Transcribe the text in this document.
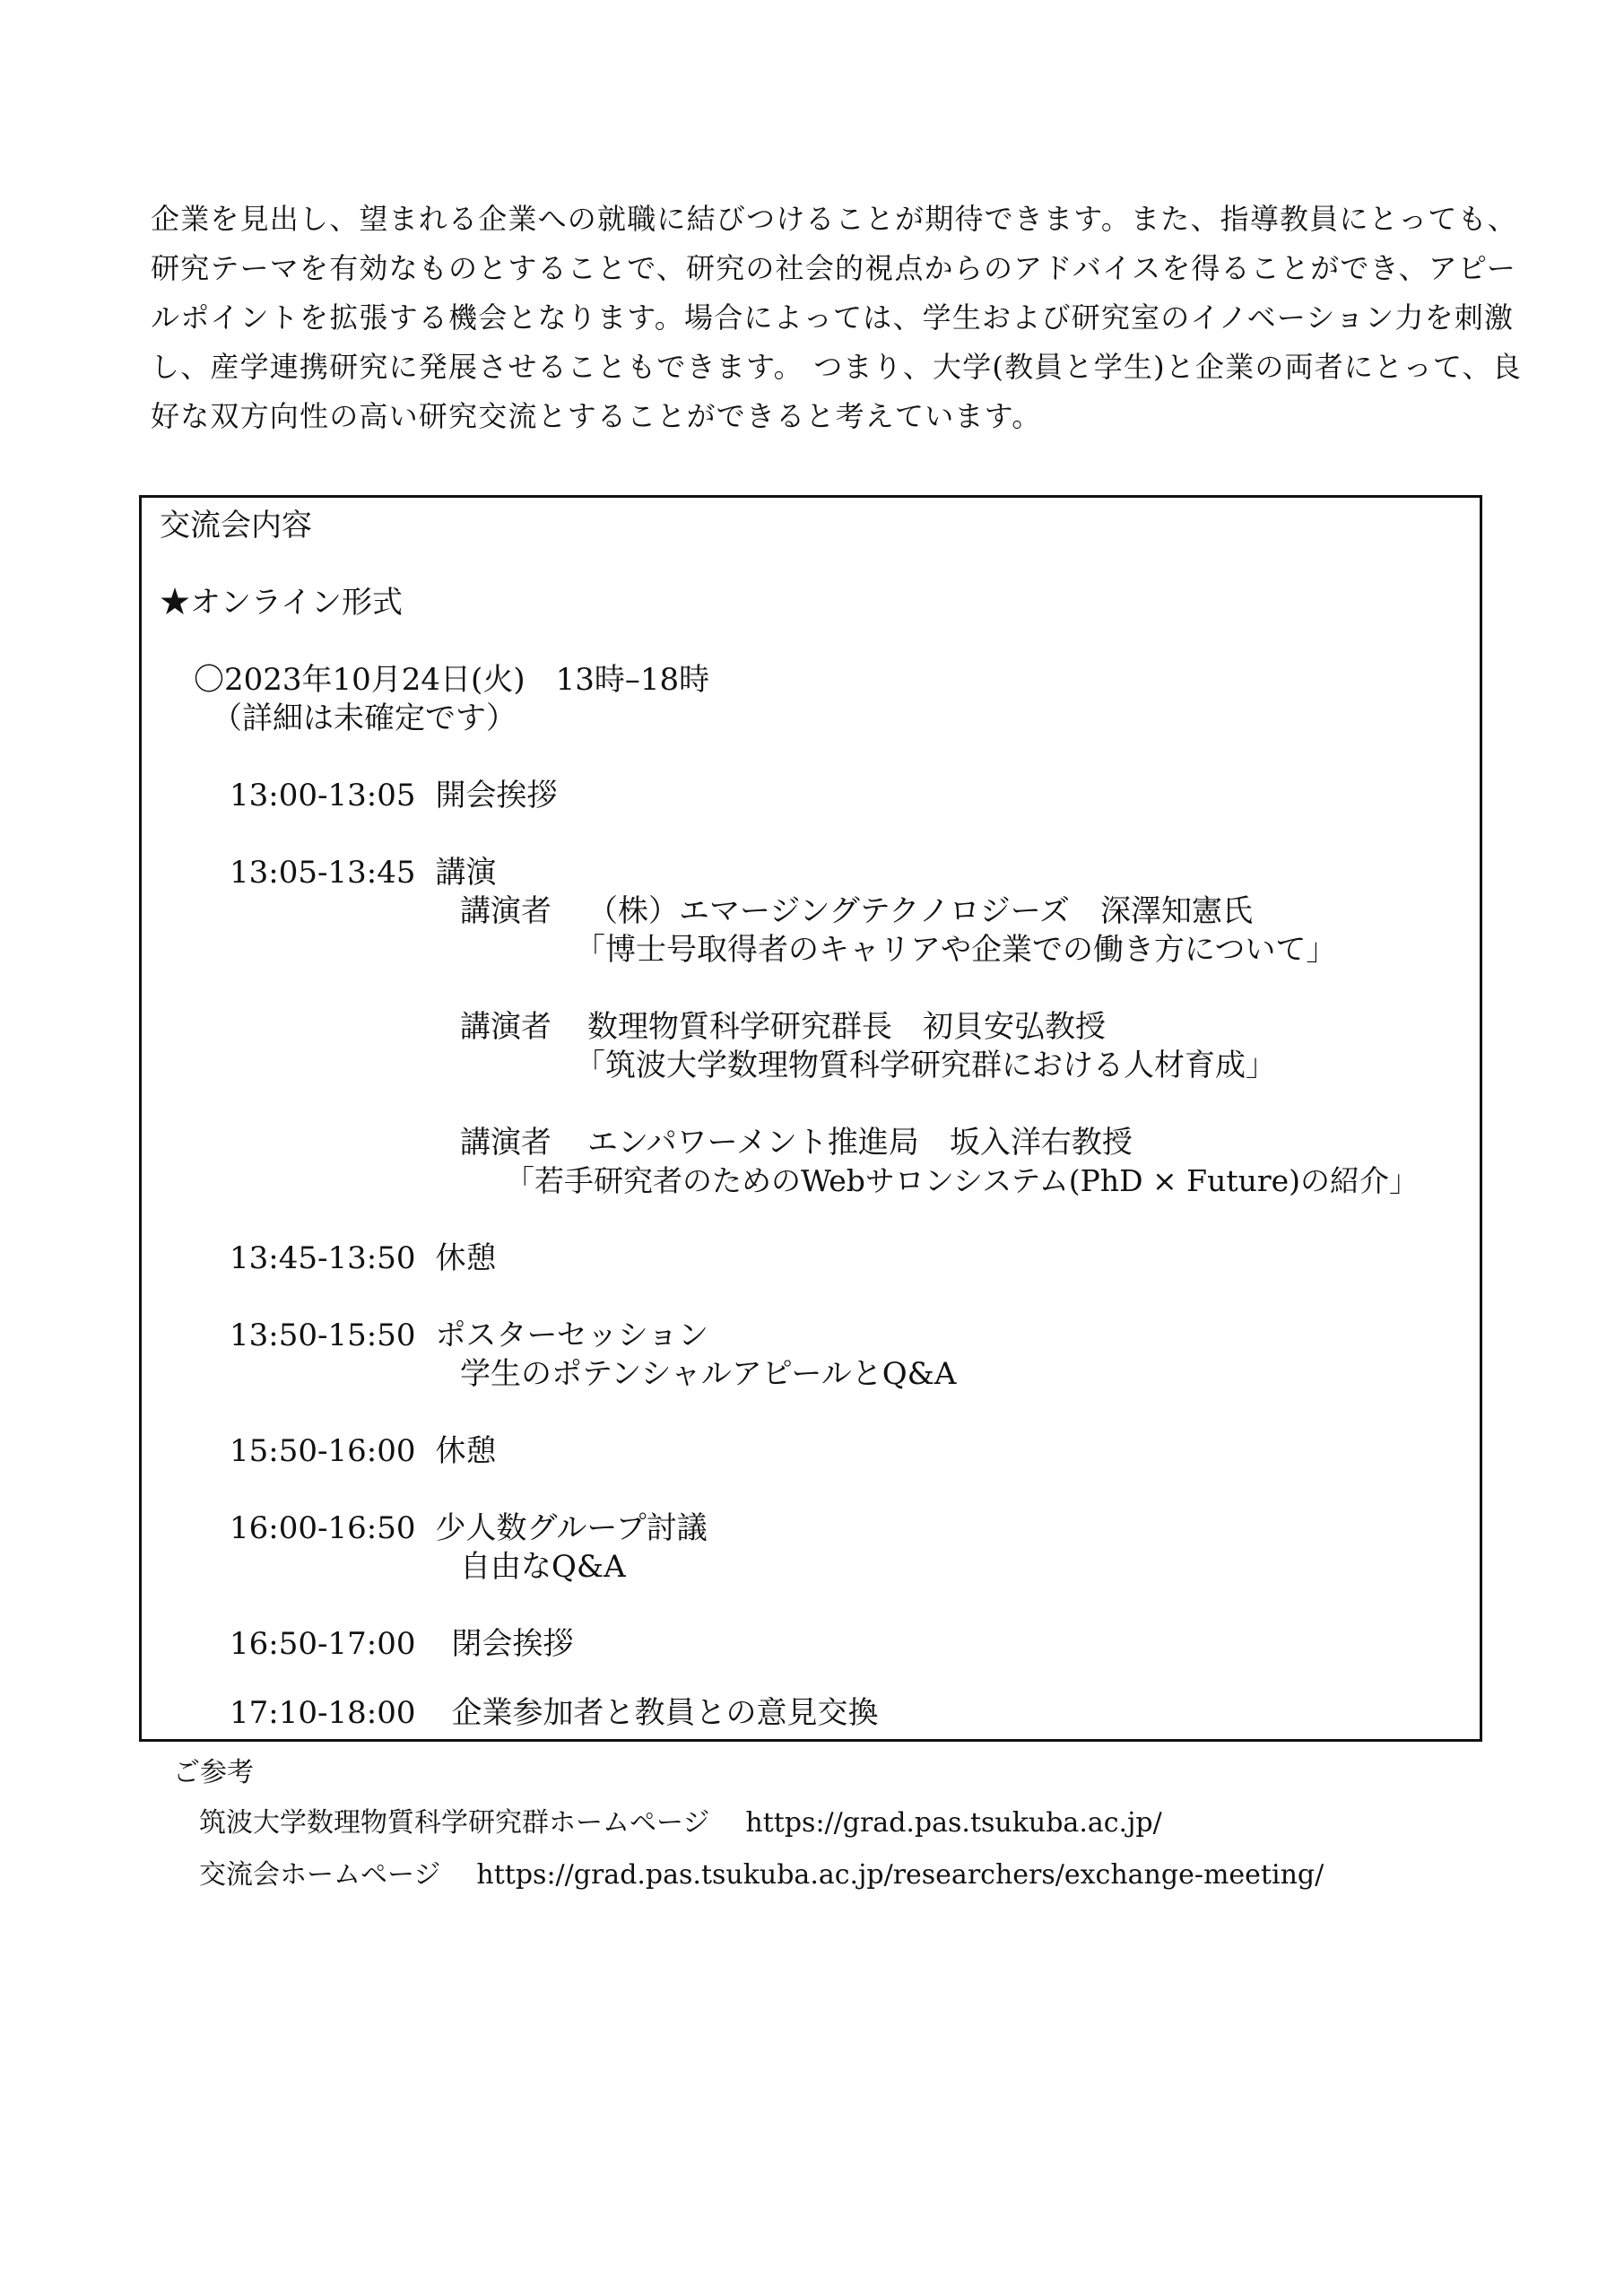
企業を見出し、望まれる企業への就職に結びつけることが期待できます。また、指導教員にとっても、
研究テーマを有効なものとすることで、研究の社会的視点からのアドバイスを得ることができ、アピー
ルポイントを拡張する機会となります。場合によっては、学生および研究室のイノベーション力を刺激
し、産学連携研究に発展させることもできます。 つまり、大学(教員と学生)と企業の両者にとって、良
好な双方向性の高い研究交流とすることができると考えています。
交流会内容
★オンライン形式
〇2023年10月24日(火)　13時–18時
（詳細は未確定です）
13:00-13:05 開会挨拶
13:05-13:45 講演
講演者 （株）エマージングテクノロジーズ　深澤知憲氏
「博士号取得者のキャリアや企業での働き方について」
講演者 数理物質科学研究群長　初貝安弘教授
「筑波大学数理物質科学研究群における人材育成」
講演者 エンパワーメント推進局　坂入洋右教授
「若手研究者のためのWebサロンシステム(PhD × Future)の紹介」
13:45-13:50 休憩
13:50-15:50 ポスターセッション
学生のポテンシャルアピールとQ&A
15:50-16:00 休憩
16:00-16:50 少人数グループ討議
自由なQ&A
16:50-17:00 閉会挨拶
17:10-18:00 企業参加者と教員との意見交換
ご参考
筑波大学数理物質科学研究群ホームページ https://grad.pas.tsukuba.ac.jp/
交流会ホームページ https://grad.pas.tsukuba.ac.jp/researchers/exchange-meeting/
